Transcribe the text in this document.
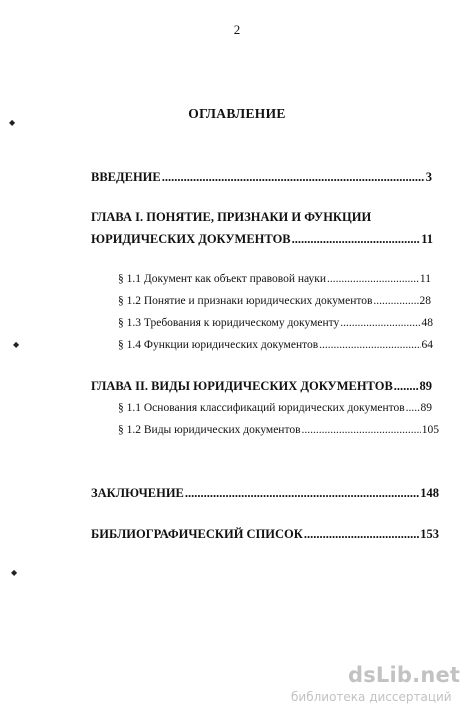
2
ОГЛАВЛЕНИЕ
ВВЕДЕНИЕ .....	3
ГЛАВА I. ПОНЯТИЕ, ПРИЗНАКИ И ФУНКЦИИ
ЮРИДИЧЕСКИХ ДОКУМЕНТОВ .....	11
§ 1.1 Документ как объект правовой науки .....	11
§ 1.2 Понятие и признаки юридических документов .....	28
§ 1.3 Требования к юридическому документу .....	48
§ 1.4 Функции юридических документов .....	64
ГЛАВА II. ВИДЫ ЮРИДИЧЕСКИХ ДОКУМЕНТОВ ..... 89
§ 1.1 Основания классификаций юридических документов ..... 89
§ 1.2 Виды юридических документов .....	105
ЗАКЛЮЧЕНИЕ .....	148
БИБЛИОГРАФИЧЕСКИЙ СПИСОК .....	153
◆
◆
◆
dsLib.net
библиотека диссертаций
